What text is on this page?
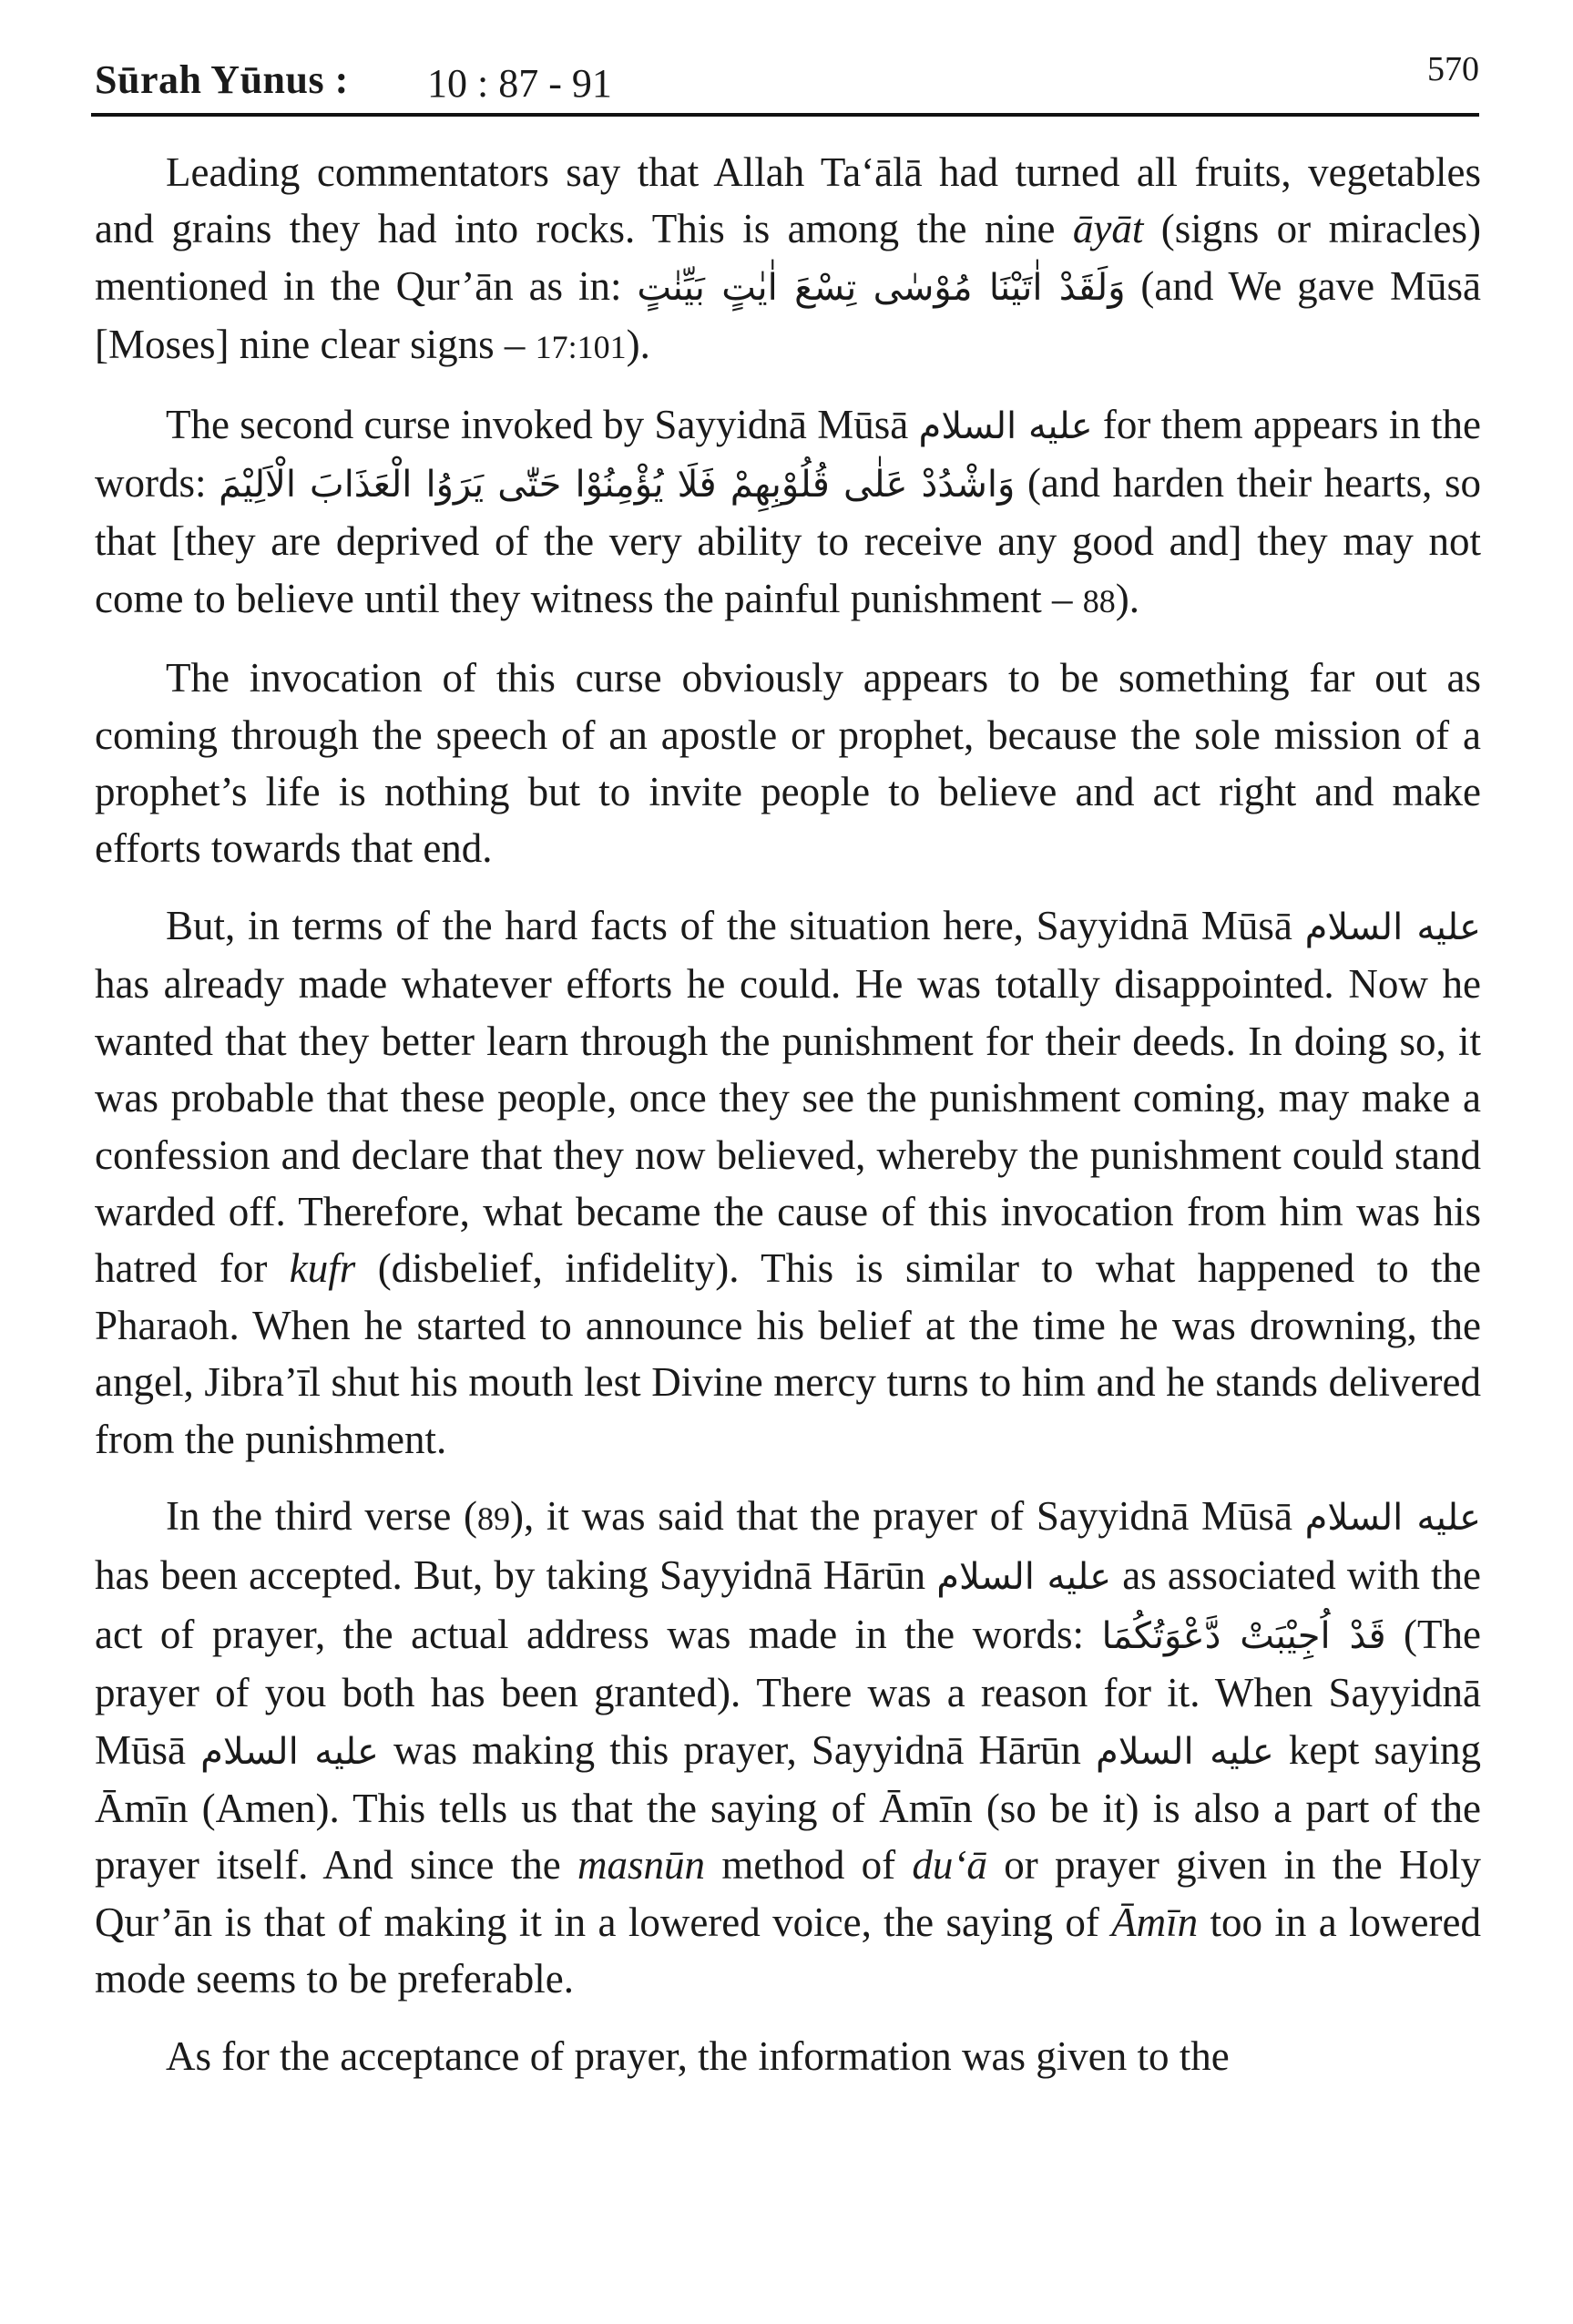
Sūrah Yūnus : 10 : 87 - 91	570

Leading commentators say that Allah Ta‘ālā had turned all fruits, vegetables and grains they had into rocks. This is among the nine āyāt (signs or miracles) mentioned in the Qur’ān as in: وَلَقَدْ اٰتَيْنَا مُوْسٰى تِسْعَ اٰيٰتٍ بَيِّنٰتٍ (and We gave Mūsā [Moses] nine clear signs – 17:101).

The second curse invoked by Sayyidnā Mūsā عليه السلام for them appears in the words: وَاشْدُدْ عَلٰى قُلُوْبِهِمْ فَلَا يُؤْمِنُوْا حَتّٰى يَرَوُا الْعَذَابَ الْاَلِيْمَ (and harden their hearts, so that [they are deprived of the very ability to receive any good and] they may not come to believe until they witness the painful punishment – 88).

The invocation of this curse obviously appears to be something far out as coming through the speech of an apostle or prophet, because the sole mission of a prophet’s life is nothing but to invite people to believe and act right and make efforts towards that end.

But, in terms of the hard facts of the situation here, Sayyidnā Mūsā عليه السلام has already made whatever efforts he could. He was totally disappointed. Now he wanted that they better learn through the punishment for their deeds. In doing so, it was probable that these people, once they see the punishment coming, may make a confession and declare that they now believed, whereby the punishment could stand warded off. Therefore, what became the cause of this invocation from him was his hatred for kufr (disbelief, infidelity). This is similar to what happened to the Pharaoh. When he started to announce his belief at the time he was drowning, the angel, Jibra’īl shut his mouth lest Divine mercy turns to him and he stands delivered from the punishment.

In the third verse (89), it was said that the prayer of Sayyidnā Mūsā عليه السلام has been accepted. But, by taking Sayyidnā Hārūn عليه السلام as associated with the act of prayer, the actual address was made in the words: قَدْ اُجِيْبَتْ دَّعْوَتُكُمَا (The prayer of you both has been granted). There was a reason for it. When Sayyidnā Mūsā عليه السلام was making this prayer, Sayyidnā Hārūn عليه السلام kept saying Āmīn (Amen). This tells us that the saying of Āmīn (so be it) is also a part of the prayer itself. And since the masnūn method of du‘ā or prayer given in the Holy Qur’ān is that of making it in a lowered voice, the saying of Āmīn too in a lowered mode seems to be preferable.

As for the acceptance of prayer, the information was given to the
